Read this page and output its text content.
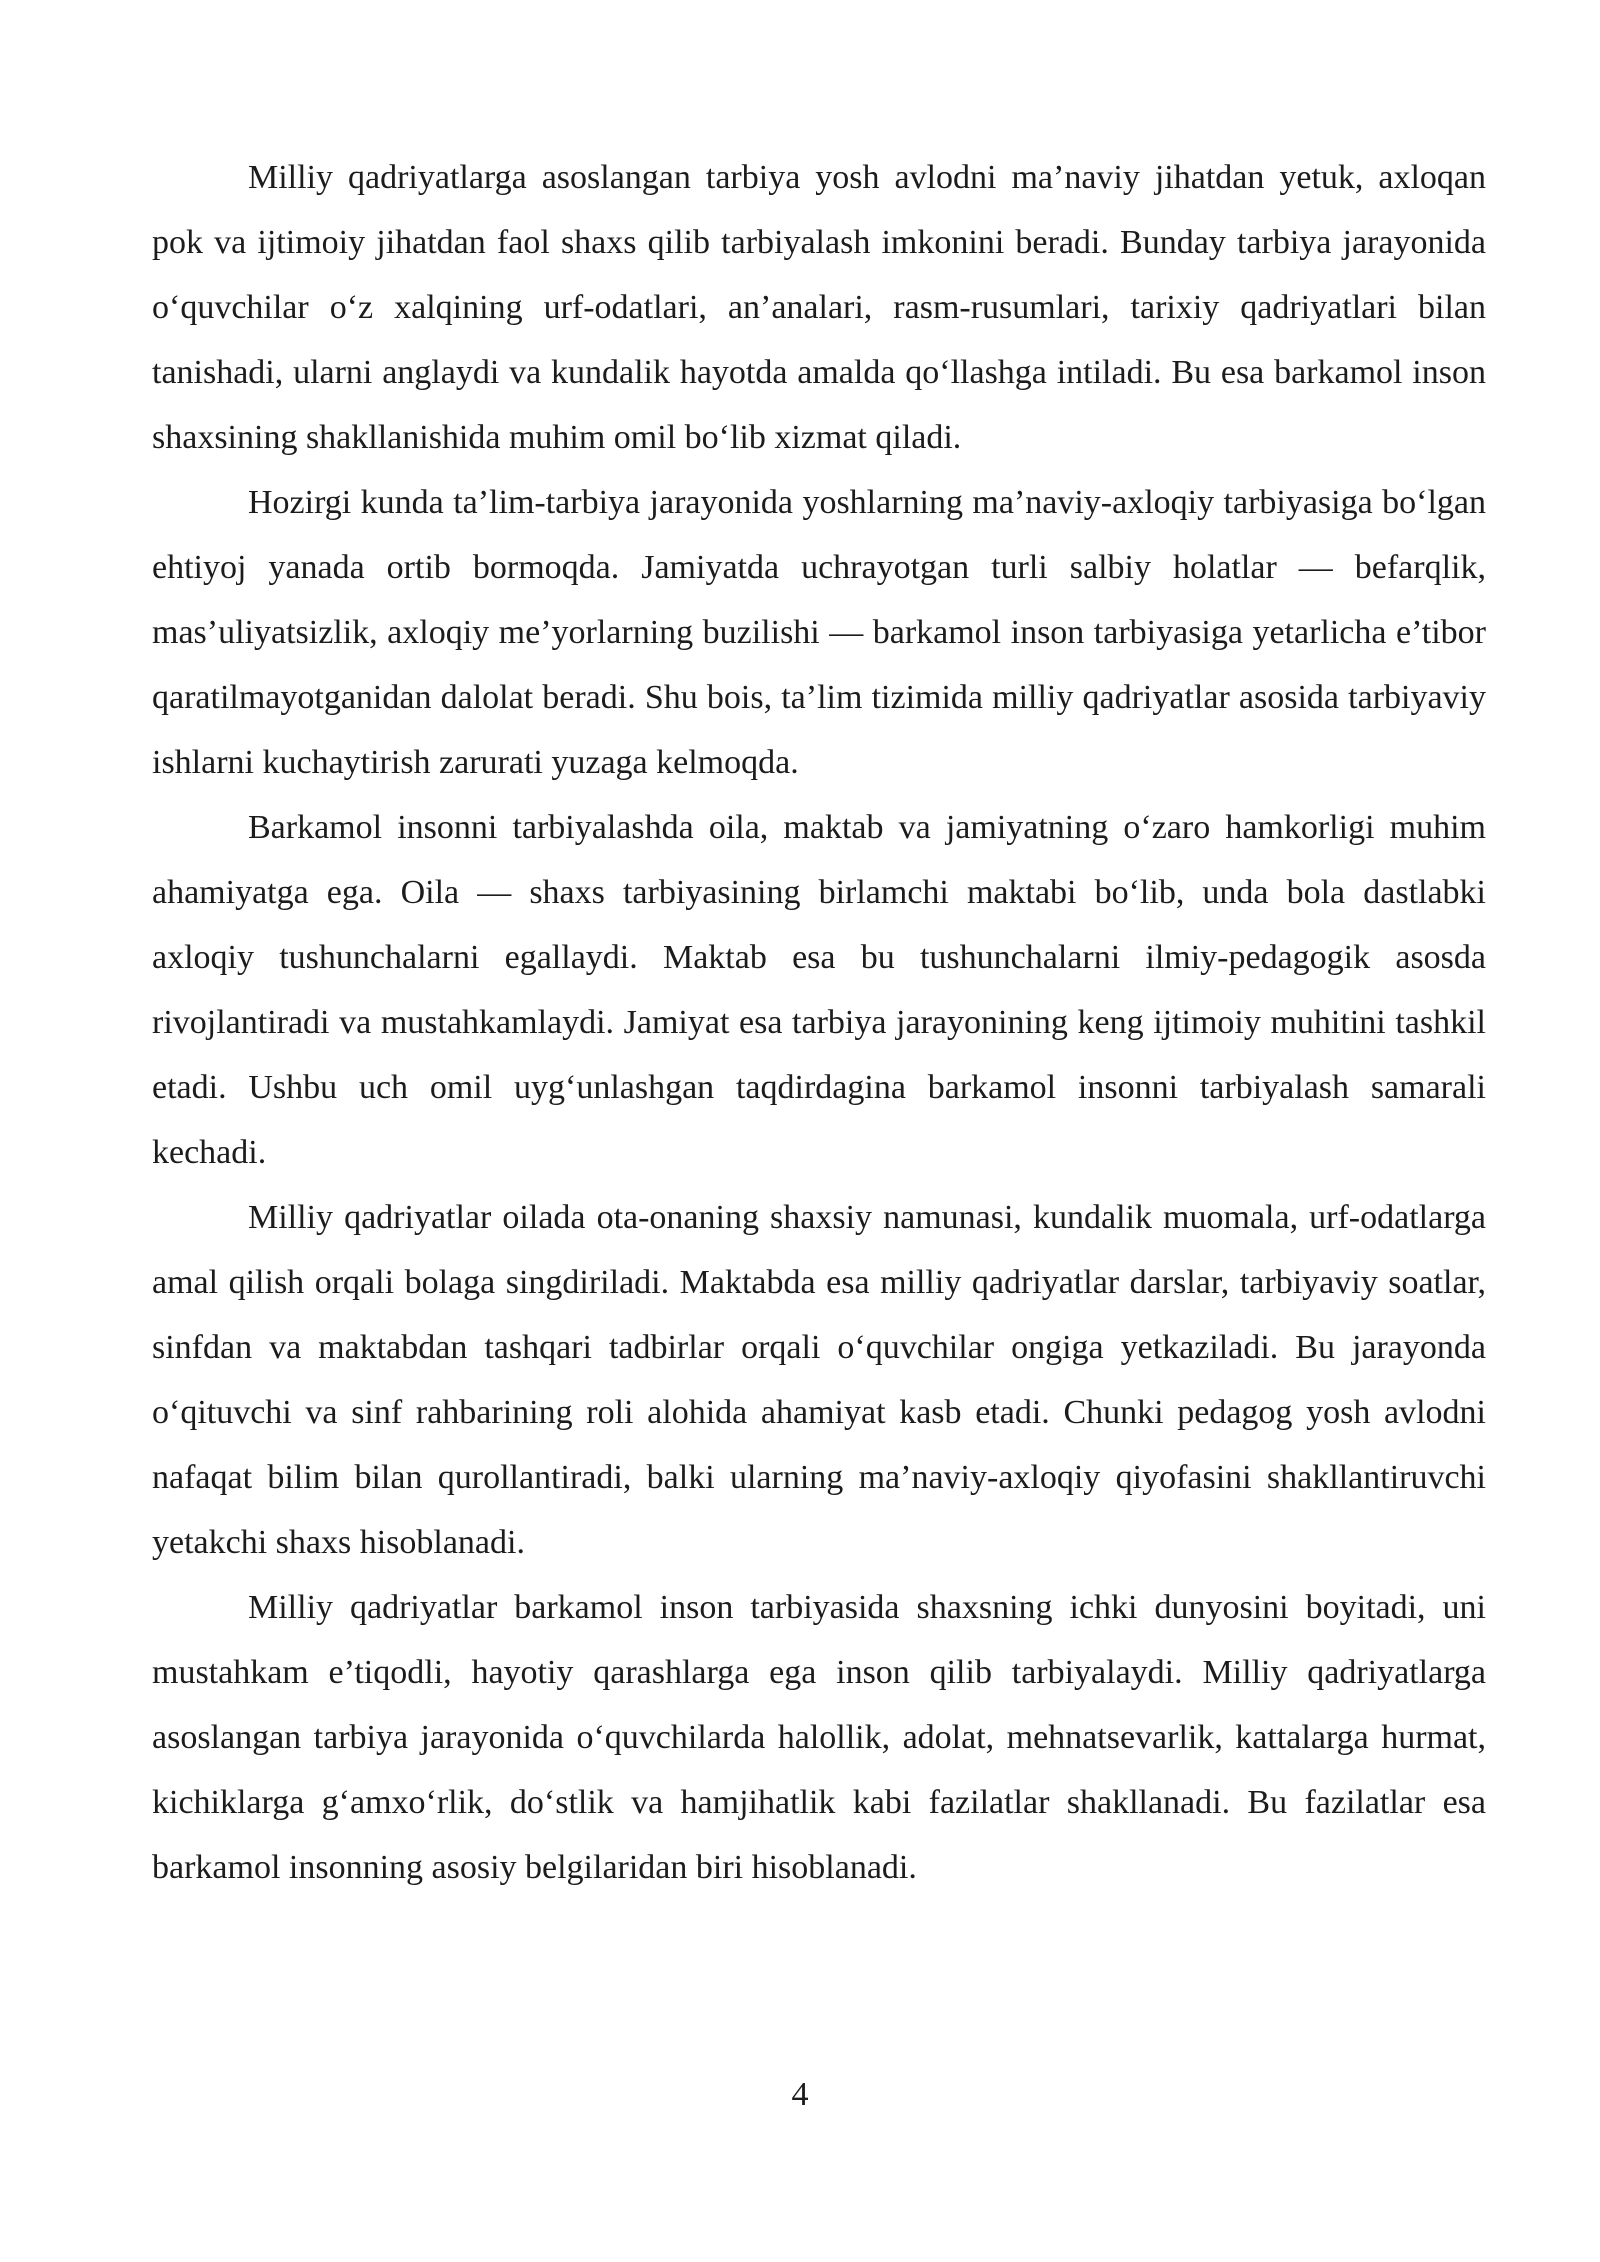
Milliy qadriyatlarga asoslangan tarbiya yosh avlodni ma’naviy jihatdan yetuk, axloqan pok va ijtimoiy jihatdan faol shaxs qilib tarbiyalash imkonini beradi. Bunday tarbiya jarayonida o‘quvchilar o‘z xalqining urf-odatlari, an’analari, rasm-rusumlari, tarixiy qadriyatlari bilan tanishadi, ularni anglaydi va kundalik hayotda amalda qo‘llashga intiladi. Bu esa barkamol inson shaxsining shakllanishida muhim omil bo‘lib xizmat qiladi.

Hozirgi kunda ta’lim-tarbiya jarayonida yoshlarning ma’naviy-axloqiy tarbiyasiga bo‘lgan ehtiyoj yanada ortib bormoqda. Jamiyatda uchrayotgan turli salbiy holatlar — befarqlik, mas’uliyatsizlik, axloqiy me’yorlarning buzilishi — barkamol inson tarbiyasiga yetarlicha e’tibor qaratilmayotganidan dalolat beradi. Shu bois, ta’lim tizimida milliy qadriyatlar asosida tarbiyaviy ishlarni kuchaytirish zarurati yuzaga kelmoqda.

Barkamol insonni tarbiyalashda oila, maktab va jamiyatning o‘zaro hamkorligi muhim ahamiyatga ega. Oila — shaxs tarbiyasining birlamchi maktabi bo‘lib, unda bola dastlabki axloqiy tushunchalarni egallaydi. Maktab esa bu tushunchalarni ilmiy-pedagogik asosda rivojlantiradi va mustahkamlaydi. Jamiyat esa tarbiya jarayonining keng ijtimoiy muhitini tashkil etadi. Ushbu uch omil uyg‘unlashgan taqdirdagina barkamol insonni tarbiyalash samarali kechadi.

Milliy qadriyatlar oilada ota-onaning shaxsiy namunasi, kundalik muomala, urf-odatlarga amal qilish orqali bolaga singdiriladi. Maktabda esa milliy qadriyatlar darslar, tarbiyaviy soatlar, sinfdan va maktabdan tashqari tadbirlar orqali o‘quvchilar ongiga yetkaziladi. Bu jarayonda o‘qituvchi va sinf rahbarining roli alohida ahamiyat kasb etadi. Chunki pedagog yosh avlodni nafaqat bilim bilan qurollantiradi, balki ularning ma’naviy-axloqiy qiyofasini shakllantiruvchi yetakchi shaxs hisoblanadi.

Milliy qadriyatlar barkamol inson tarbiyasida shaxsning ichki dunyosini boyitadi, uni mustahkam e’tiqodli, hayotiy qarashlarga ega inson qilib tarbiyalaydi. Milliy qadriyatlarga asoslangan tarbiya jarayonida o‘quvchilarda halollik, adolat, mehnatsevarlik, kattalarga hurmat, kichiklarga g‘amxo‘rlik, do‘stlik va hamjihatlik kabi fazilatlar shakllanadi. Bu fazilatlar esa barkamol insonning asosiy belgilaridan biri hisoblanadi.

4
